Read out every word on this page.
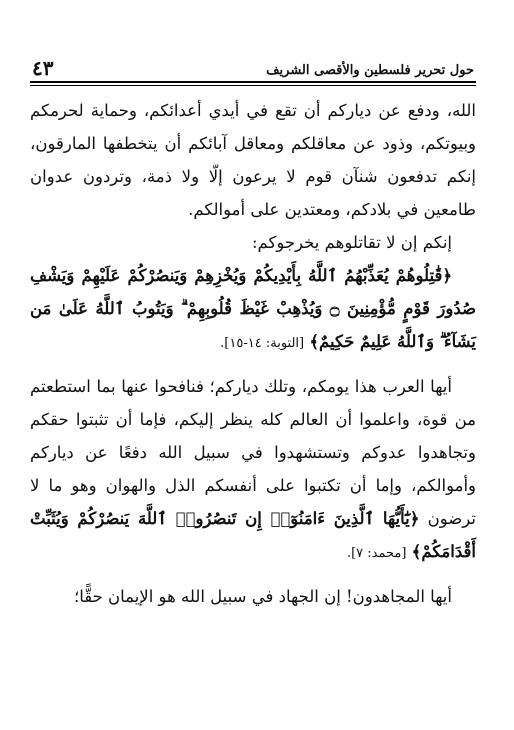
حول تحرير فلسطين والأقصى الشريف
٤٣

الله، ودفع عن دياركم أن تقع في أيدي أعدائكم، وحماية لحرمكم وبيوتكم، وذود عن معاقلكم ومعاقل آبائكم أن يتخطفها المارقون، إنكم تدفعون شنآن قوم لا يرعون إلّا ولا ذمة، وتردون عدوان طامعين في بلادكم، ومعتدين على أموالكم.

إنكم إن لا تقاتلوهم يخرجوكم:

﴿قَٰتِلُوهُمْ يُعَذِّبْهُمُ ٱللَّهُ بِأَيْدِيكُمْ وَيُخْزِهِمْ وَيَنصُرْكُمْ عَلَيْهِمْ وَيَشْفِ صُدُورَ قَوْمٍ مُّؤْمِنِينَ ۝ وَيُذْهِبْ غَيْظَ قُلُوبِهِمْ ۗ وَيَتُوبُ ٱللَّهُ عَلَىٰ مَن يَشَآءُ ۗ وَٱللَّهُ عَلِيمٌ حَكِيمٌ﴾ [التوبة: ١٤-١٥].

أيها العرب هذا يومكم، وتلك دياركم؛ فنافحوا عنها بما استطعتم من قوة، واعلموا أن العالم كله ينظر إليكم، فإما أن تثبتوا حقكم وتجاهدوا عدوكم وتستشهدوا في سبيل الله دفعًا عن دياركم وأموالكم، وإما أن تكتبوا على أنفسكم الذل والهوان وهو ما لا ترضون ﴿يَٰٓأَيُّهَا ٱلَّذِينَ ءَامَنُوٓا۟ إِن تَنصُرُوا۟ ٱللَّهَ يَنصُرْكُمْ وَيُثَبِّتْ أَقْدَامَكُمْ﴾ [محمد: ٧].

أيها المجاهدون! إن الجهاد في سبيل الله هو الإيمان حقًّا؛
